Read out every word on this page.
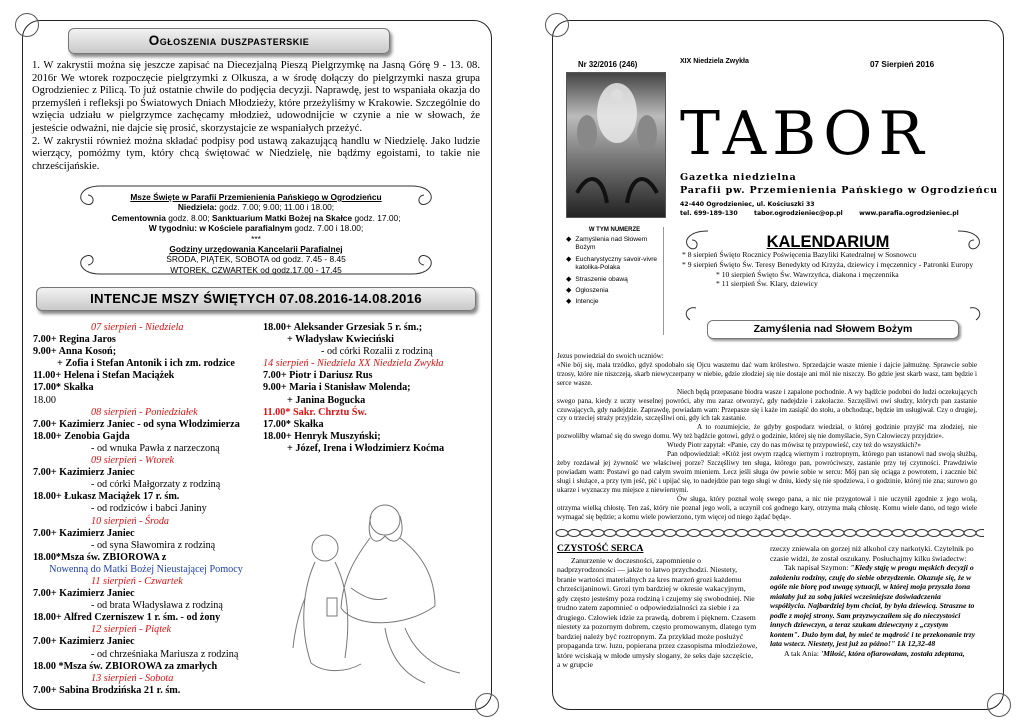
Ogłoszenia duszpasterskie

1. W zakrystii można się jeszcze zapisać na Diecezjalną Pieszą Pielgrzymkę na Jasną Górę 9 - 13. 08. 2016r We wtorek rozpoczęcie pielgrzymki z Olkusza, a w środę dołączy do pielgrzymki nasza grupa Ogrodzieniec z Pilicą. To już ostatnie chwile do podjęcia decyzji. Naprawdę, jest to wspaniała okazja do przemyśleń i refleksji po Światowych Dniach Młodzieży, które przeżyliśmy w Krakowie. Szczególnie do wzięcia udziału w pielgrzymce zachęcamy młodzież, udowodnijcie w czynie a nie w słowach, że jesteście odważni, nie dajcie się prosić, skorzystajcie ze wspaniałych przeżyć.

2. W zakrystii również można składać podpisy pod ustawą zakazującą handlu w Niedzielę. Jako ludzie wierzący, pomóżmy tym, który chcą świętować w Niedzielę, nie bądźmy egoistami, to takie nie chrześcijańskie.

Msze Święte w Parafii Przemienienia Pańskiego w Ogrodzieńcu
Niedziela: godz. 7.00; 9.00; 11.00 i 18.00;
Cementownia godz. 8.00; Sanktuarium Matki Bożej na Skałce godz. 17.00;
W tygodniu: w Kościele parafialnym godz. 7.00 i 18.00;
***
Godziny urzędowania Kancelarii Parafialnej
ŚRODA, PIĄTEK, SOBOTA od godz. 7.45 - 8.45
WTOREK, CZWARTEK od godz.17.00 - 17.45
INTENCJE MSZY ŚWIĘTYCH 07.08.2016-14.08.2016
07 sierpień - Niedziela
7.00+ Regina Jaros
9.00+ Anna Kosoń;
+ Zofia i Stefan Antonik i ich zm. rodzice
11.00+ Helena i Stefan Maciążek
17.00* Skałka
18.00
08 sierpień - Poniedziałek
7.00+ Kazimierz Janiec - od syna Włodzimierza
18.00+ Zenobia Gajda
- od wnuka Pawła z narzeczoną
09 sierpień - Wtorek
7.00+ Kazimierz Janiec
- od córki Małgorzaty z rodziną
18.00+ Łukasz Maciążek 17 r. śm.
- od rodziców i babci Janiny
10 sierpień - Środa
7.00+ Kazimierz Janiec
- od syna Sławomira z rodziną
18.00*Msza św. ZBIOROWA z
Nowenną do Matki Bożej Nieustającej Pomocy
11 sierpień - Czwartek
7.00+ Kazimierz Janiec
- od brata Władysława z rodziną
18.00+ Alfred Czerniszew 1 r. śm. - od żony
12 sierpień - Piątek
7.00+ Kazimierz Janiec
- od chrześniaka Mariusza z rodziną
18.00 *Msza św. ZBIOROWA za zmarłych
13 sierpień - Sobota
7.00+ Sabina Brodzińska 21 r. śm.
18.00+ Aleksander Grzesiak 5 r. śm.;
+ Władysław Kwieciński
- od córki Rozalii z rodziną
14 sierpień - Niedziela XX Niedziela Zwykła
7.00+ Piotr i Dariusz Rus
9.00+ Maria i Stanisław Molenda;
+ Janina Bogucka
11.00* Sakr. Chrztu Św.
17.00* Skałka
18.00+ Henryk Muszyński;
+ Józef, Irena i Włodzimierz Koćma
Nr 32/2016 (246)	XIX Niedziela Zwykła	07 Sierpień 2016
TABOR
Gazetka niedzielna
Parafii pw. Przemienienia Pańskiego w Ogrodzieńcu
42-440 Ogrodzieniec, ul. Kościuszki 33
tel. 699-189-130	tabor.ogrodzieniec@op.pl	www.parafia.ogrodzieniec.pl
W TYM NUMERZE
◆ Zamyślenia nad Słowem Bożym
◆ Eucharystyczny savoir-vivre katolika-Polaka
◆ Straszenie obawą
◆ Ogłoszenia
◆ Intencje
KALENDARIUM
* 8 sierpień Święto Rocznicy Poświęcenia Bazyliki Katedralnej w Sosnowcu
* 9 sierpień Święto Św. Teresy Benedykty od Krzyża, dziewicy i męczennicy - Patronki Europy
* 10 sierpień Święto Św. Wawrzyńca, diakona i męczennika
* 11 sierpień Św. Klary, dziewicy
Zamyślenia nad Słowem Bożym

Jezus powiedział do swoich uczniów:

«Nie bój się, mała trzódko, gdyż spodobało się Ojcu waszemu dać wam królestwo. Sprzedajcie wasze mienie i dajcie jałmużnę. Sprawcie sobie trzosy, które nie niszczeją, skarb niewyczerpany w niebie, gdzie złodziej się nie dostaje ani mól nie niszczy. Bo gdzie jest skarb wasz, tam będzie i serce wasze.

Niech będą przepasane biodra wasze i zapalone pochodnie. A wy bądźcie podobni do ludzi oczekujących swego pana, kiedy z uczty weselnej powróci, aby mu zaraz otworzyć, gdy nadejdzie i zakołacze. Szczęśliwi owi słudzy, których pan zastanie czuwających, gdy nadejdzie. Zaprawdę, powiadam wam: Przepasze się i każe im zasiąść do stołu, a obchodząc, będzie im usługiwał. Czy o drugiej, czy o trzeciej straży przyjdzie, szczęśliwi oni, gdy ich tak zastanie.

A to rozumiejcie, że gdyby gospodarz wiedział, o której godzinie przyjść ma złodziej, nie pozwoliłby włamać się do swego domu. Wy też bądźcie gotowi, gdyż o godzinie, której się nie domyślacie, Syn Człowieczy przyjdzie».

Wtedy Piotr zapytał: «Panie, czy do nas mówisz tę przypowieść, czy też do wszystkich?»

Pan odpowiedział: «Któż jest owym rządcą wiernym i roztropnym, którego pan ustanowi nad swoją służbą, żeby rozdawał jej żywność we właściwej porze? Szczęśliwy ten sługa, którego pan, powróciwszy, zastanie przy tej czynności. Prawdziwie powiadam wam: Postawi go nad całym swoim mieniem. Lecz jeśli sługa ów powie sobie w sercu: Mój pan się ociąga z powrotem, i zacznie bić sługi i służące, a przy tym jeść, pić i upijać się, to nadejdzie pan tego sługi w dniu, kiedy się nie spodziewa, i o godzinie, której nie zna; surowo go ukarze i wyznaczy mu miejsce z niewiernymi.

Ów sługa, który poznał wolę swego pana, a nic nie przygotował i nie uczynił zgodnie z jego wolą, otrzyma wielką chłostę. Ten zaś, który nie poznał jego woli, a uczynił coś godnego kary, otrzyma małą chłostę. Komu wiele dano, od tego wiele wymagać się będzie; a komu wiele powierzono, tym więcej od niego żądać będą».

CZYSTOŚĆ SERCA
Zanurzenie w doczesności, zapomnienie o nadprzyrodzoności — jakże to łatwo przychodzi. Niestety, branie wartości materialnych za kres marzeń grozi każdemu chrześcijaninowi. Grozi tym bardziej w okresie wakacyjnym, gdy często jesteśmy poza rodziną i czujemy się swobodniej. Nie trudno zatem zapomnieć o odpowiedzialności za siebie i za drugiego. Człowiek idzie za prawdą, dobrem i pięknem. Czasem niestety za pozornym dobrem, często promowanym, dlatego tym bardziej należy być roztropnym. Za przykład może posłużyć propaganda tzw. luzu, popierana przez czasopisma młodzieżowe, które wciskają w młode umysły slogany, że seks daje szczęście, a w grupcie
rzeczy zniewala on gorzej niż alkohol czy narkotyki. Czytelnik po czasie widzi, że został oszukany. Posłuchajmy kilku świadectw:
Tak napisał Szymon: "Kiedy stąję w progu męskich decyzji o założeniu rodziny, czuję do siebie obrzydzenie. Okazuje się, że w ogóle nie biorę pod uwagę sytuacji, w której moja przyszła żona miałaby już za sobą jakieś wcześniejsze doświadczenia współżycia. Najbardziej bym chciał, by była dziewicą. Straszne to podle z mojej strony. Sam przyzwyczaiłem się do nieczystości innych dziewczyn, a teraz szukam dziewczyny z „czystym kontem". Dużo bym dał, by mieć te mądrość i te przekonanie trzy lata wstecz. Niestety, jest już za późno!" Lk 12,32-48
A tak Ania: 'Miłość, która ofiarowałam, została zdeptana,
